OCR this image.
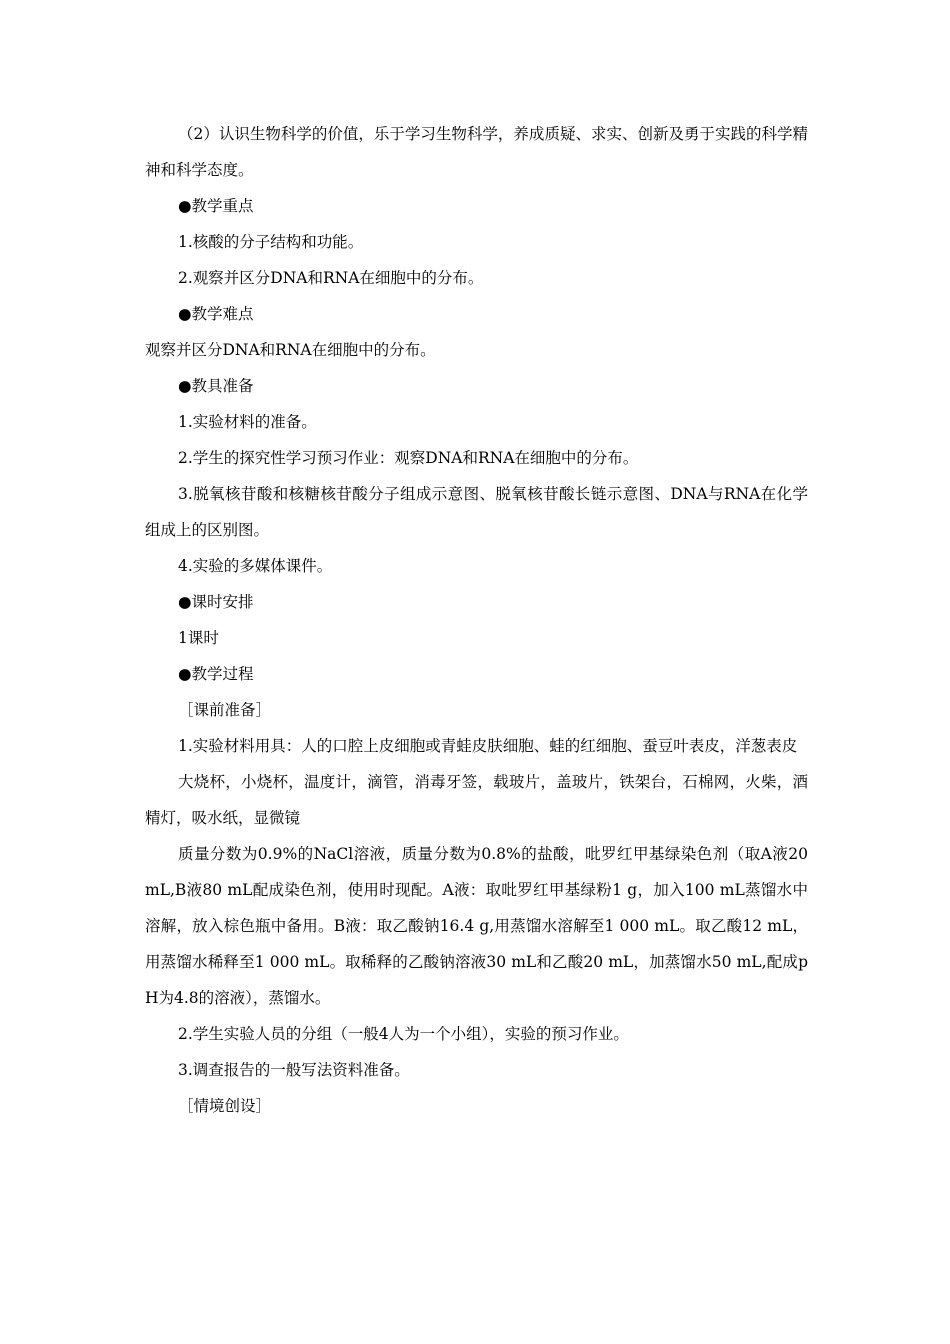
（2）认识生物科学的价值，乐于学习生物科学，养成质疑、求实、创新及勇于实践的科学精神和科学态度。

●教学重点

1.核酸的分子结构和功能。

2.观察并区分DNA和RNA在细胞中的分布。

●教学难点

观察并区分DNA和RNA在细胞中的分布。

●教具准备

1.实验材料的准备。

2.学生的探究性学习预习作业：观察DNA和RNA在细胞中的分布。

3.脱氧核苷酸和核糖核苷酸分子组成示意图、脱氧核苷酸长链示意图、DNA与RNA在化学组成上的区别图。

4.实验的多媒体课件。

●课时安排

1课时

●教学过程

［课前准备］

1.实验材料用具：人的口腔上皮细胞或青蛙皮肤细胞、蛙的红细胞、蚕豆叶表皮，洋葱表皮

大烧杯，小烧杯，温度计，滴管，消毒牙签，载玻片，盖玻片，铁架台，石棉网，火柴，酒精灯，吸水纸，显微镜

质量分数为0.9%的NaCl溶液，质量分数为0.8%的盐酸，吡罗红甲基绿染色剂（取A液20 mL,B液80 mL配成染色剂，使用时现配。A液：取吡罗红甲基绿粉1 g，加入100 mL蒸馏水中溶解，放入棕色瓶中备用。B液：取乙酸钠16.4 g,用蒸馏水溶解至1 000 mL。取乙酸12 mL，用蒸馏水稀释至1 000 mL。取稀释的乙酸钠溶液30 mL和乙酸20 mL，加蒸馏水50 mL,配成pH为4.8的溶液），蒸馏水。

2.学生实验人员的分组（一般4人为一个小组），实验的预习作业。

3.调查报告的一般写法资料准备。

［情境创设］
